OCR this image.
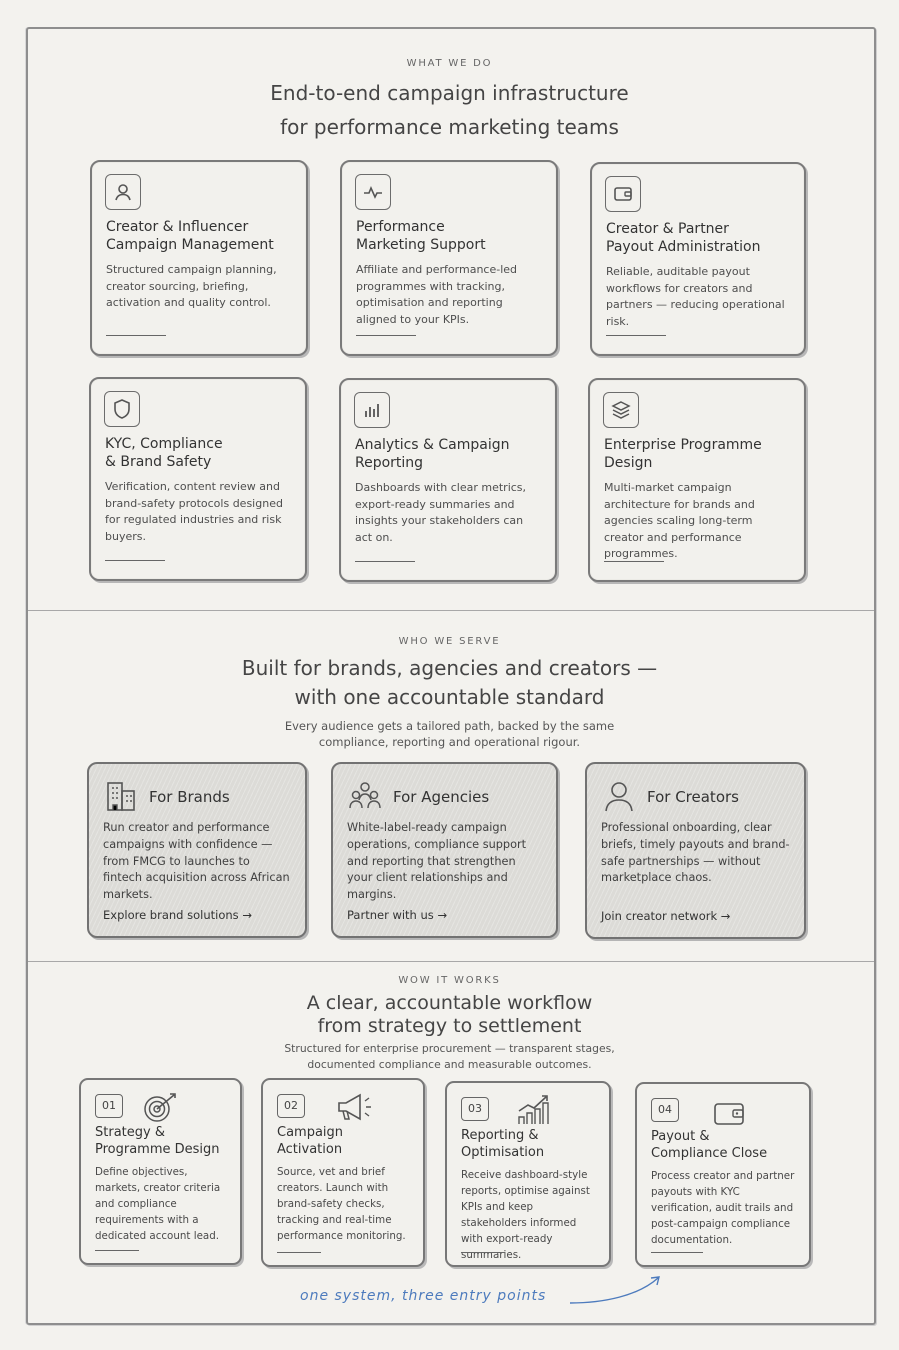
WHAT WE DO
End-to-end campaign infrastructure
for performance marketing teams
Creator & Influencer
Campaign Management
Structured campaign planning, creator sourcing, briefing, activation and quality control.
Performance
Marketing Support
Affiliate and performance-led programmes with tracking, optimisation and reporting aligned to your KPIs.
Creator & Partner
Payout Administration
Reliable, auditable payout workflows for creators and partners — reducing operational risk.
KYC, Compliance
& Brand Safety
Verification, content review and brand-safety protocols designed for regulated industries and risk buyers.
Analytics & Campaign
Reporting
Dashboards with clear metrics, export-ready summaries and insights your stakeholders can act on.
Enterprise Programme
Design
Multi-market campaign architecture for brands and agencies scaling long-term creator and performance programmes.
WHO WE SERVE
Built for brands, agencies and creators —
with one accountable standard
Every audience gets a tailored path, backed by the same
compliance, reporting and operational rigour.
For Brands
Run creator and performance campaigns with confidence — from FMCG to launches to fintech acquisition across African markets.
Explore brand solutions →
For Agencies
White-label-ready campaign operations, compliance support and reporting that strengthen your client relationships and margins.
Partner with us →
For Creators
Professional onboarding, clear briefs, timely payouts and brand-safe partnerships — without marketplace chaos.
Join creator network →
WOW IT WORKS
A clear, accountable workflow
from strategy to settlement
Structured for enterprise procurement — transparent stages,
documented compliance and measurable outcomes.
01
Strategy &
Programme Design
Define objectives, markets, creator criteria and compliance requirements with a dedicated account lead.
02
Campaign
Activation
Source, vet and brief creators. Launch with brand-safety checks, tracking and real-time performance monitoring.
03
Reporting &
Optimisation
Receive dashboard-style reports, optimise against KPIs and keep stakeholders informed with export-ready summaries.
04
Payout &
Compliance Close
Process creator and partner payouts with KYC verification, audit trails and post-campaign compliance documentation.
one system, three entry points
